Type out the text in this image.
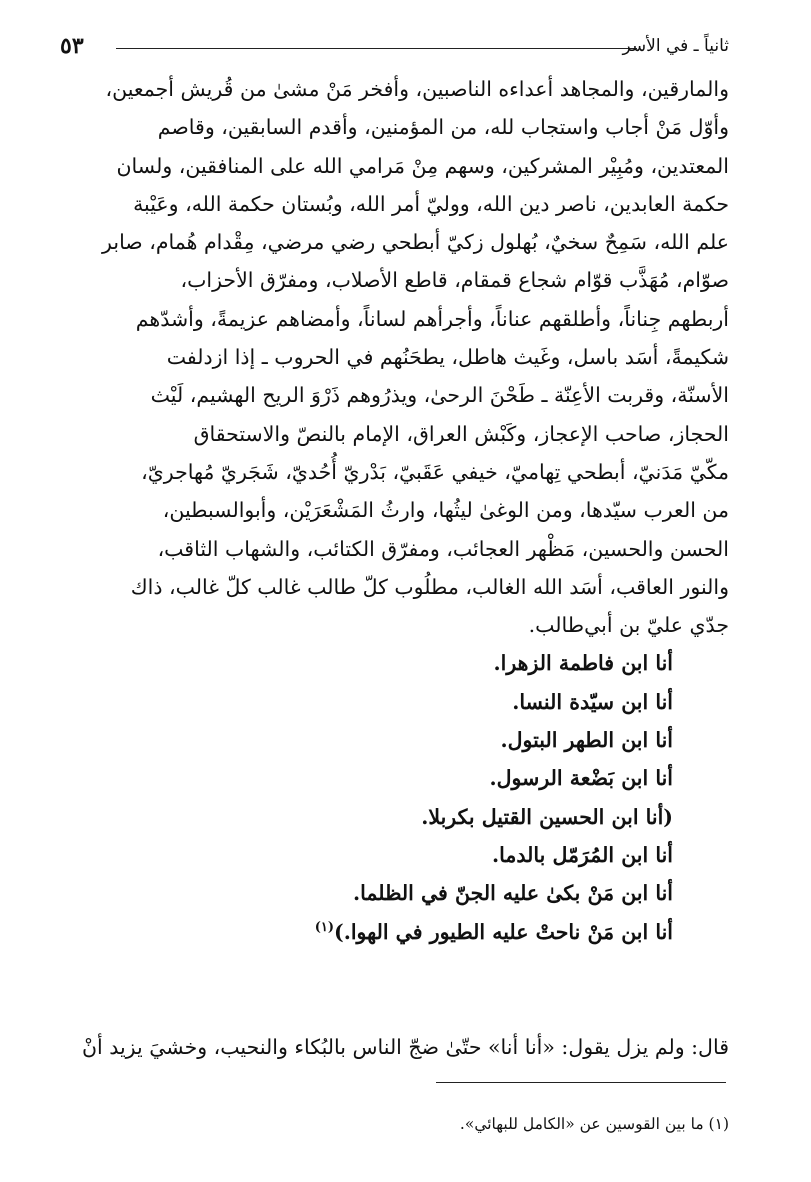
٥٣	ثانياً ـ في الأسر

والمارقين، والمجاهد أعداءه الناصبين، وأفخر مَنْ مشىٰ من قُريش أجمعين،

وأوّل مَنْ أجاب واستجاب لله، من المؤمنين، وأقدم السابقين، وقاصم

المعتدين، ومُبِيْر المشركين، وسهم مِنْ مَرامي الله على المنافقين، ولسان

حكمة العابدين، ناصر دين الله، ووليّ أمر الله، وبُستان حكمة الله، وعَيْبة

علم الله، سَمِحٌ سخيٌ، بُهلول زكيّ أبطحي رضي مرضي، مِقْدام هُمام، صابر

صوّام، مُهَذَّب قوّام شجاع قمقام، قاطع الأصلاب، ومفرّق الأحزاب،

أربطهم جِناناً، وأطلقهم عناناً، وأجرأهم لساناً، وأمضاهم عزيمةً، وأشدّهم

شكيمةً، أسَد باسل، وغَيث هاطل، يطحَنُهم في الحروب ـ إذا ازدلفت

الأسنّة، وقربت الأعِنّة ـ طَحْنَ الرحىٰ، ويذرُوهم ذَرْوَ الريح الهشيم، لَيْث

الحجاز، صاحب الإعجاز، وكَبْش العراق، الإمام بالنصّ والاستحقاق

مكّيّ مَدَنيّ، أبطحي تِهاميّ، خيفي عَقَبيّ، بَدْريّ أُحُديّ، شَجَريّ مُهاجريّ،

من العرب سيّدها، ومن الوغىٰ ليثُها، وارثُ المَشْعَرَيْن، وأبوالسبطين،

الحسن والحسين، مَظْهر العجائب، ومفرّق الكتائب، والشهاب الثاقب،

والنور العاقب، أسَد الله الغالب، مطلُوب كلّ طالب غالب كلّ غالب، ذاك

جدّي عليّ بن أبي‌طالب.

أنا ابن فاطمة الزهرا.
أنا ابن سيّدة النسا.
أنا ابن الطهر البتول.
أنا ابن بَضْعة الرسول.
(أنا ابن الحسين القتيل بكربلا.
أنا ابن المُرَمّل بالدما.
أنا ابن مَنْ بكىٰ عليه الجنّ في الظلما.
أنا ابن مَنْ ناحتْ عليه الطيور في الهوا.)$^{(١)}$

قال: ولم يزل يقول: «أنا أنا» حتّىٰ ضجّ الناس بالبُكاء والنحيب، وخشيَ يزيد أنْ

(١) ما بين القوسين عن «الكامل للبهائي».
